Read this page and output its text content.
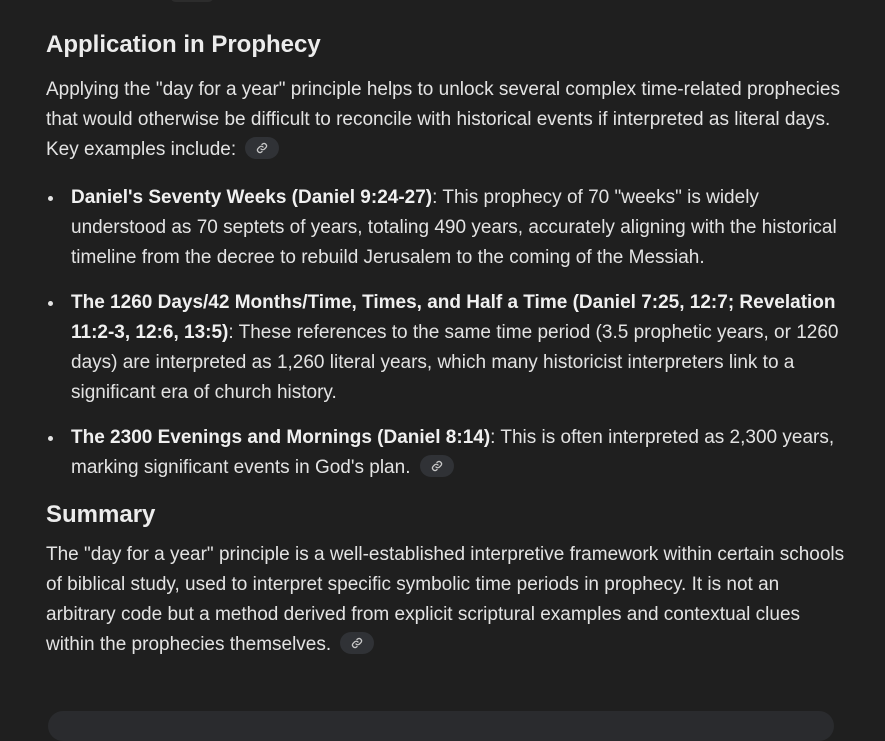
Application in Prophecy

Applying the "day for a year" principle helps to unlock several complex time-related prophecies that would otherwise be difficult to reconcile with historical events if interpreted as literal days. Key examples include:

Daniel's Seventy Weeks (Daniel 9:24-27): This prophecy of 70 "weeks" is widely understood as 70 septets of years, totaling 490 years, accurately aligning with the historical timeline from the decree to rebuild Jerusalem to the coming of the Messiah.
The 1260 Days/42 Months/Time, Times, and Half a Time (Daniel 7:25, 12:7; Revelation 11:2-3, 12:6, 13:5): These references to the same time period (3.5 prophetic years, or 1260 days) are interpreted as 1,260 literal years, which many historicist interpreters link to a significant era of church history.
The 2300 Evenings and Mornings (Daniel 8:14): This is often interpreted as 2,300 years, marking significant events in God's plan.
Summary

The "day for a year" principle is a well-established interpretive framework within certain schools of biblical study, used to interpret specific symbolic time periods in prophecy. It is not an arbitrary code but a method derived from explicit scriptural examples and contextual clues within the prophecies themselves.
